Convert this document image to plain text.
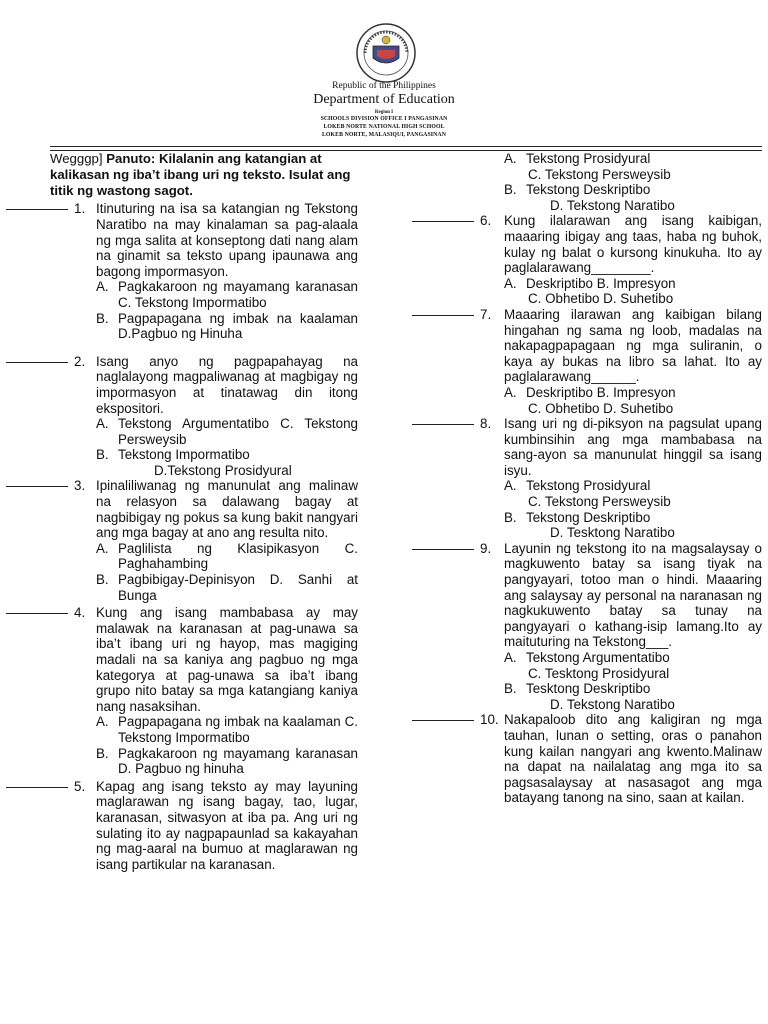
Republic of the Philippines
Department of Education
Region I
SCHOOLS DIVISION OFFICE I PANGASINAN
LOKEB NORTE NATIONAL HIGH SCHOOL
LOKEB NORTE, MALASIQUI, PANGASINAN
Wegggp] Panuto: Kilalanin ang katangian at kalikasan ng iba’t ibang uri ng teksto. Isulat ang titik ng wastong sagot.
1. Itinuturing na isa sa katangian ng Tekstong Naratibo na may kinalaman sa pag-alaala ng mga salita at konseptong dati nang alam na ginamit sa teksto upang ipaunawa ang bagong impormasyon.
A. Pagkakaroon ng mayamang karanasan C. Tekstong Impormatibo
B. Pagpapagana ng imbak na kaalaman D.Pagbuo ng Hinuha
2. Isang anyo ng pagpapahayag na naglalayong magpaliwanag at magbigay ng impormasyon at tinatawag din itong ekspositori.
A. Tekstong Argumentatibo C. Tekstong Persweysib
B. Tekstong Impormatibo
D.Tekstong Prosidyural
3. Ipinaliliwanag ng manunulat ang malinaw na relasyon sa dalawang bagay at nagbibigay ng pokus sa kung bakit nangyari ang mga bagay at ano ang resulta nito.
A. Paglilista ng Klasipikasyon C. Paghahambing
B. Pagbibigay-Depinisyon D. Sanhi at Bunga
4. Kung ang isang mambabasa ay may malawak na karanasan at pag-unawa sa iba’t ibang uri ng hayop, mas magiging madali na sa kaniya ang pagbuo ng mga kategorya at pag-unawa sa iba’t ibang grupo nito batay sa mga katangiang kaniya nang nasaksihan.
A. Pagpapagana ng imbak na kaalaman C. Tekstong Impormatibo
B. Pagkakaroon ng mayamang karanasan D. Pagbuo ng hinuha
5. Kapag ang isang teksto ay may layuning maglarawan ng isang bagay, tao, lugar, karanasan, sitwasyon at iba pa. Ang uri ng sulating ito ay nagpapaunlad sa kakayahan ng mag-aaral na bumuo at maglarawan ng isang partikular na karanasan.
A. Tekstong Prosidyural
C. Tekstong Persweysib
B. Tekstong Deskriptibo
D. Tekstong Naratibo
6. Kung ilalarawan ang isang kaibigan, maaaring ibigay ang taas, haba ng buhok, kulay ng balat o kursong kinukuha. Ito ay paglalarawang________.
A. Deskriptibo B. Impresyon
C. Obhetibo D. Suhetibo
7. Maaaring ilarawan ang kaibigan bilang hingahan ng sama ng loob, madalas na nakapagpapagaan ng mga suliranin, o kaya ay bukas na libro sa lahat. Ito ay paglalarawang______.
A. Deskriptibo B. Impresyon
C. Obhetibo D. Suhetibo
8. Isang uri ng di-piksyon na pagsulat upang kumbinsihin ang mga mambabasa na sang-ayon sa manunulat hinggil sa isang isyu.
A. Tekstong Prosidyural
C. Tekstong Persweysib
B. Tekstong Deskriptibo
D. Tesktong Naratibo
9. Layunin ng tekstong ito na magsalaysay o magkuwento batay sa isang tiyak na pangyayari, totoo man o hindi. Maaaring ang salaysay ay personal na naranasan ng nagkukuwento batay sa tunay na pangyayari o kathang-isip lamang.Ito ay maituturing na Tekstong___.
A. Tekstong Argumentatibo
C. Tesktong Prosidyural
B. Tesktong Deskriptibo
D. Tekstong Naratibo
10. Nakapaloob dito ang kaligiran ng mga tauhan, lunan o setting, oras o panahon kung kailan nangyari ang kwento.Malinaw na dapat na nailalatag ang mga ito sa pagsasalaysay at nasasagot ang mga batayang tanong na sino, saan at kailan.
